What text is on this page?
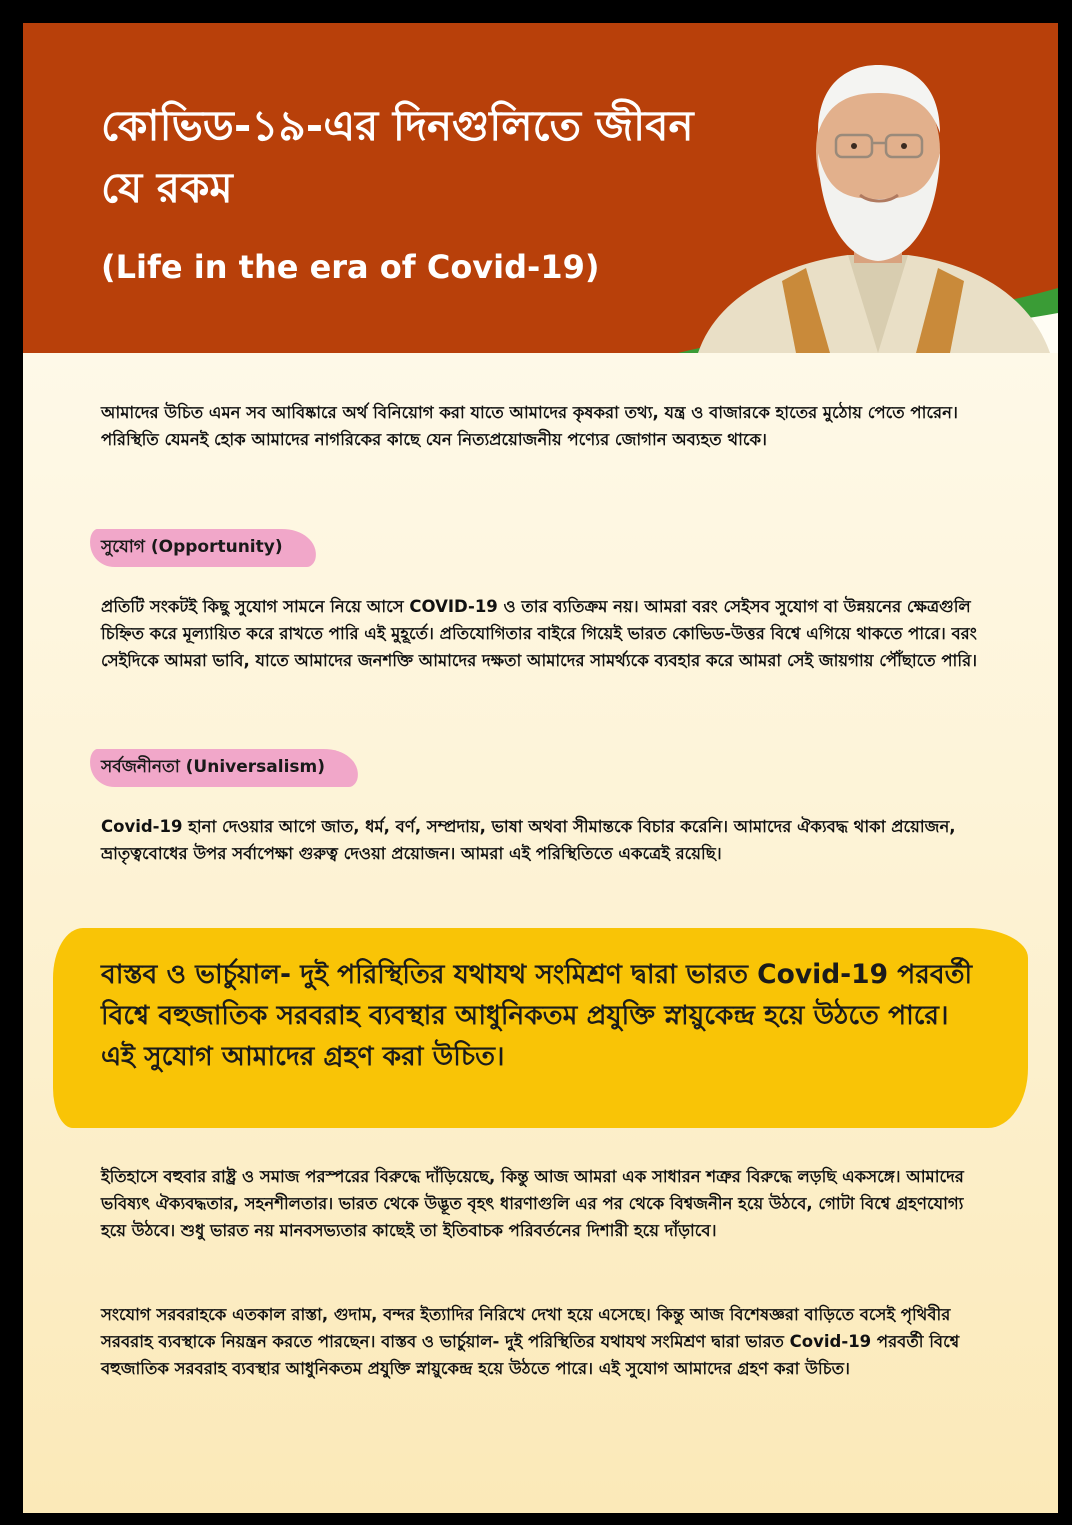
কোভিড-১৯-এর দিনগুলিতে জীবন যে রকম
(Life in the era of Covid-19)

আমাদের উচিত এমন সব আবিষ্কারে অর্থ বিনিয়োগ করা যাতে আমাদের কৃষকরা তথ্য, যন্ত্র ও বাজারকে হাতের মুঠোয় পেতে পারেন। পরিস্থিতি যেমনই হোক আমাদের নাগরিকের কাছে যেন নিত্যপ্রয়োজনীয় পণ্যের জোগান অব্যহত থাকে।

সুযোগ (Opportunity)

প্রতিটি সংকটই কিছু সুযোগ সামনে নিয়ে আসে COVID-19 ও তার ব্যতিক্রম নয়। আমরা বরং সেইসব সুযোগ বা উন্নয়নের ক্ষেত্রগুলি চিহ্নিত করে মূল্যায়িত করে রাখতে পারি এই মুহূর্তে। প্রতিযোগিতার বাইরে গিয়েই ভারত কোভিড-উত্তর বিশ্বে এগিয়ে থাকতে পারে। বরং সেইদিকে আমরা ভাবি, যাতে আমাদের জনশক্তি আমাদের দক্ষতা আমাদের সামর্থ্যকে ব্যবহার করে আমরা সেই জায়গায় পৌঁছাতে পারি।

সর্বজনীনতা (Universalism)

Covid-19 হানা দেওয়ার আগে জাত, ধর্ম, বর্ণ, সম্প্রদায়, ভাষা অথবা সীমান্তকে বিচার করেনি। আমাদের ঐক্যবদ্ধ থাকা প্রয়োজন, ভ্রাতৃত্ববোধের উপর সর্বাপেক্ষা গুরুত্ব দেওয়া প্রয়োজন। আমরা এই পরিস্থিতিতে একত্রেই রয়েছি।

বাস্তব ও ভার্চুয়াল- দুই পরিস্থিতির যথাযথ সংমিশ্রণ দ্বারা ভারত Covid-19 পরবর্তী বিশ্বে বহুজাতিক সরবরাহ ব্যবস্থার আধুনিকতম প্রযুক্তি স্নায়ুকেন্দ্র হয়ে উঠতে পারে। এই সুযোগ আমাদের গ্রহণ করা উচিত।

ইতিহাসে বহুবার রাষ্ট্র ও সমাজ পরস্পরের বিরুদ্ধে দাঁড়িয়েছে, কিন্তু আজ আমরা এক সাধারন শত্রুর বিরুদ্ধে লড়ছি একসঙ্গে। আমাদের ভবিষ্যৎ ঐক্যবদ্ধতার, সহনশীলতার। ভারত থেকে উদ্ভূত বৃহৎ ধারণাগুলি এর পর থেকে বিশ্বজনীন হয়ে উঠবে, গোটা বিশ্বে গ্রহণযোগ্য হয়ে উঠবে। শুধু ভারত নয় মানবসভ্যতার কাছেই তা ইতিবাচক পরিবর্তনের দিশারী হয়ে দাঁড়াবে।

সংযোগ সরবরাহকে এতকাল রাস্তা, গুদাম, বন্দর ইত্যাদির নিরিখে দেখা হয়ে এসেছে। কিন্তু আজ বিশেষজ্ঞরা বাড়িতে বসেই পৃথিবীর সরবরাহ ব্যবস্থাকে নিয়ন্ত্রন করতে পারছেন। বাস্তব ও ভার্চুয়াল- দুই পরিস্থিতির যথাযথ সংমিশ্রণ দ্বারা ভারত Covid-19 পরবর্তী বিশ্বে বহুজাতিক সরবরাহ ব্যবস্থার আধুনিকতম প্রযুক্তি স্নায়ুকেন্দ্র হয়ে উঠতে পারে। এই সুযোগ আমাদের গ্রহণ করা উচিত।
